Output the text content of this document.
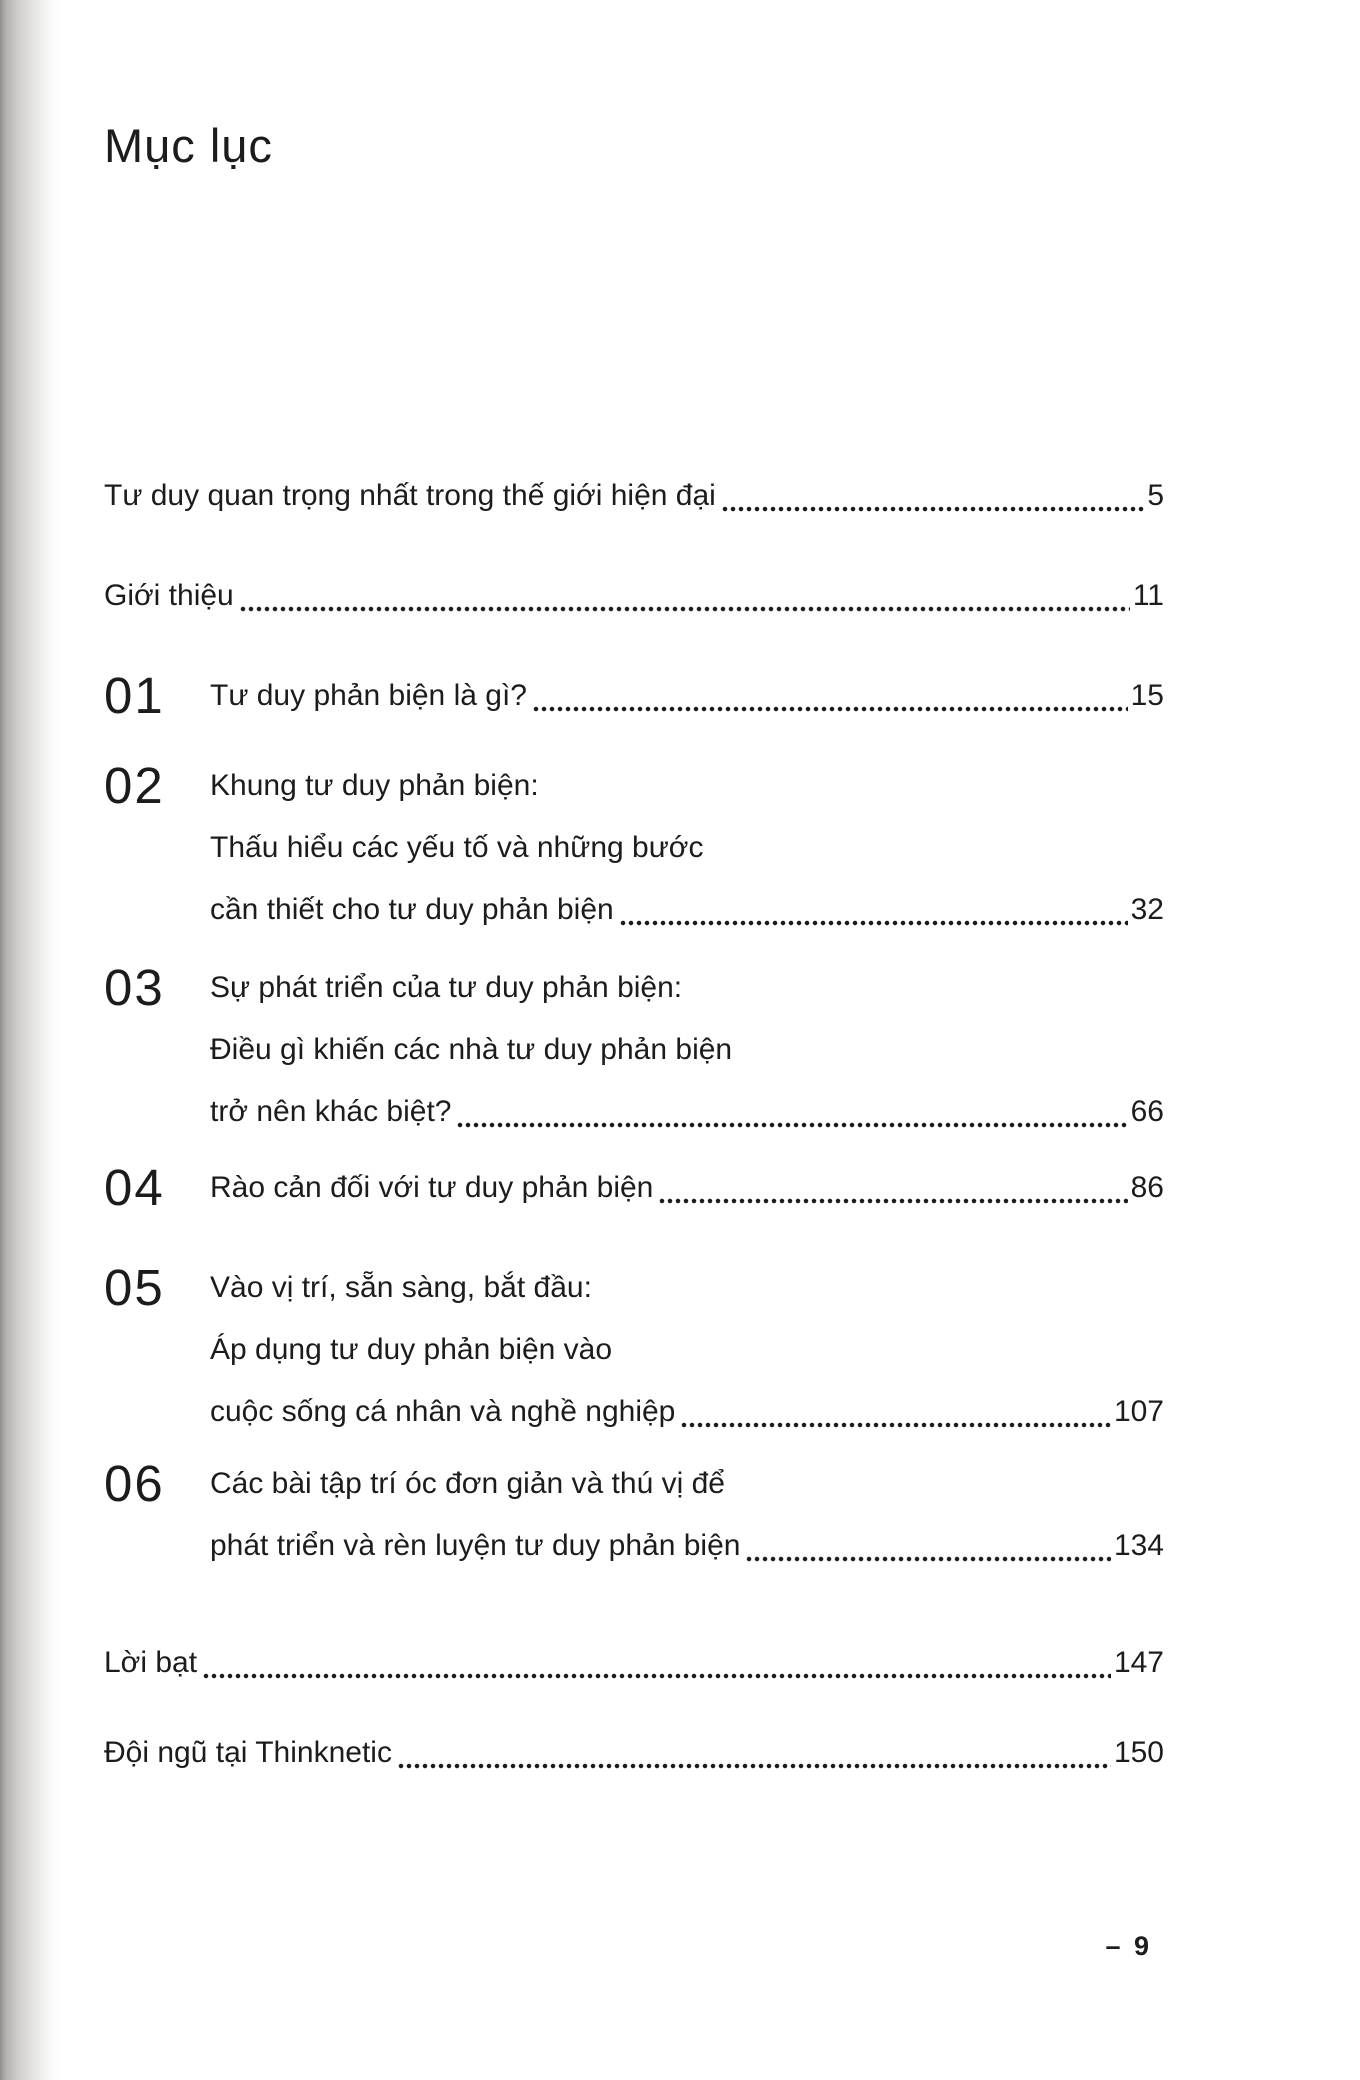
Mục lục
Tư duy quan trọng nhất trong thế giới hiện đại	5
Giới thiệu	11
01	Tư duy phản biện là gì?	15
02	Khung tư duy phản biện:
Thấu hiểu các yếu tố và những bước
cần thiết cho tư duy phản biện	32
03	Sự phát triển của tư duy phản biện:
Điều gì khiến các nhà tư duy phản biện
trở nên khác biệt?	66
04	Rào cản đối với tư duy phản biện	86
05	Vào vị trí, sẵn sàng, bắt đầu:
Áp dụng tư duy phản biện vào
cuộc sống cá nhân và nghề nghiệp	107
06	Các bài tập trí óc đơn giản và thú vị để
phát triển và rèn luyện tư duy phản biện	134
Lời bạt	147
Đội ngũ tại Thinknetic	150
– 9
